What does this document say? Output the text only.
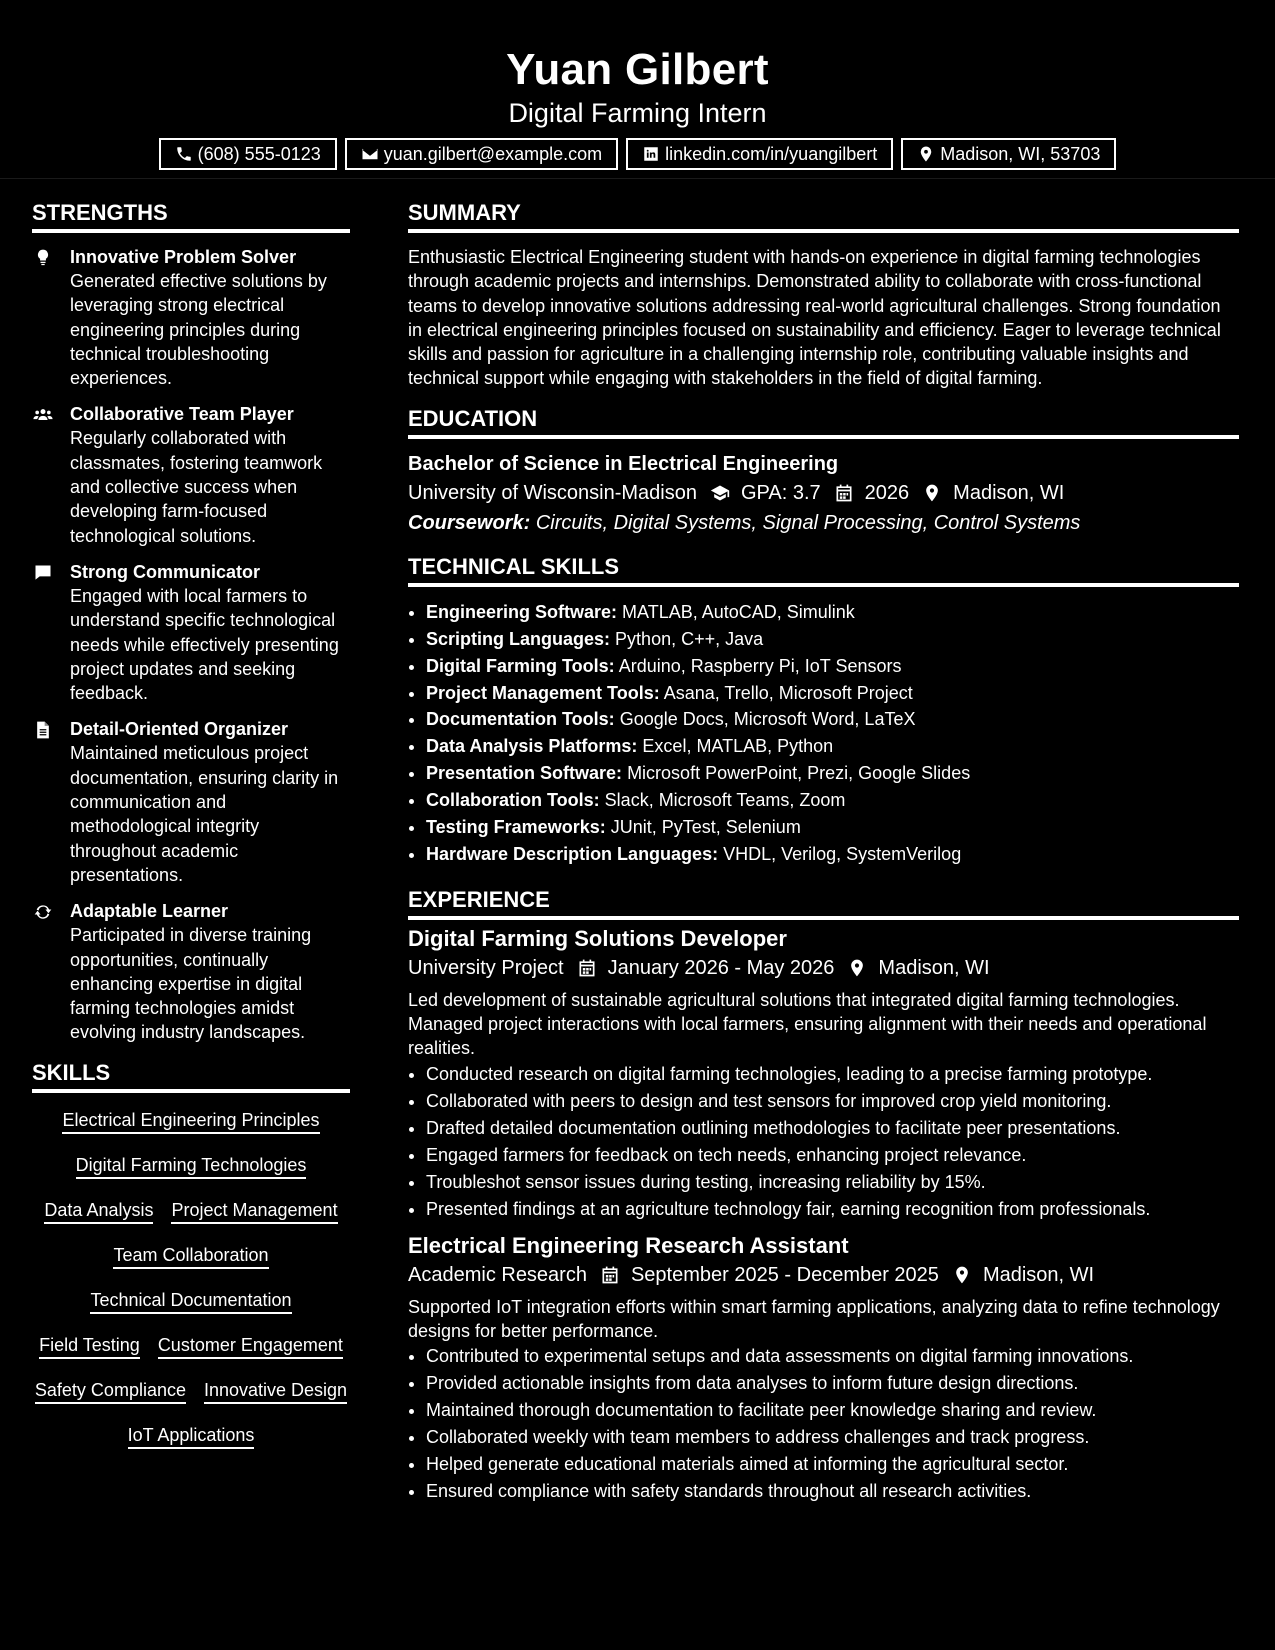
Yuan Gilbert
Digital Farming Intern
(608) 555-0123	yuan.gilbert@example.com	linkedin.com/in/yuangilbert	Madison, WI, 53703
STRENGTHS
Innovative Problem Solver
Generated effective solutions by leveraging strong electrical engineering principles during technical troubleshooting experiences.
Collaborative Team Player
Regularly collaborated with classmates, fostering teamwork and collective success when developing farm-focused technological solutions.
Strong Communicator
Engaged with local farmers to understand specific technological needs while effectively presenting project updates and seeking feedback.
Detail-Oriented Organizer
Maintained meticulous project documentation, ensuring clarity in communication and methodological integrity throughout academic presentations.
Adaptable Learner
Participated in diverse training opportunities, continually enhancing expertise in digital farming technologies amidst evolving industry landscapes.
SKILLS
Electrical Engineering Principles
Digital Farming Technologies
Data Analysis Project Management
Team Collaboration
Technical Documentation
Field Testing Customer Engagement
Safety Compliance Innovative Design
IoT Applications
SUMMARY
Enthusiastic Electrical Engineering student with hands-on experience in digital farming technologies through academic projects and internships. Demonstrated ability to collaborate with cross-functional teams to develop innovative solutions addressing real-world agricultural challenges. Strong foundation in electrical engineering principles focused on sustainability and efficiency. Eager to leverage technical skills and passion for agriculture in a challenging internship role, contributing valuable insights and technical support while engaging with stakeholders in the field of digital farming.
EDUCATION
Bachelor of Science in Electrical Engineering
University of Wisconsin-Madison GPA: 3.7 2026 Madison, WI
Coursework: Circuits, Digital Systems, Signal Processing, Control Systems
TECHNICAL SKILLS
• Engineering Software: MATLAB, AutoCAD, Simulink
• Scripting Languages: Python, C++, Java
• Digital Farming Tools: Arduino, Raspberry Pi, IoT Sensors
• Project Management Tools: Asana, Trello, Microsoft Project
• Documentation Tools: Google Docs, Microsoft Word, LaTeX
• Data Analysis Platforms: Excel, MATLAB, Python
• Presentation Software: Microsoft PowerPoint, Prezi, Google Slides
• Collaboration Tools: Slack, Microsoft Teams, Zoom
• Testing Frameworks: JUnit, PyTest, Selenium
• Hardware Description Languages: VHDL, Verilog, SystemVerilog
EXPERIENCE
Digital Farming Solutions Developer
University Project January 2026 - May 2026 Madison, WI
Led development of sustainable agricultural solutions that integrated digital farming technologies. Managed project interactions with local farmers, ensuring alignment with their needs and operational realities.
• Conducted research on digital farming technologies, leading to a precise farming prototype.
• Collaborated with peers to design and test sensors for improved crop yield monitoring.
• Drafted detailed documentation outlining methodologies to facilitate peer presentations.
• Engaged farmers for feedback on tech needs, enhancing project relevance.
• Troubleshot sensor issues during testing, increasing reliability by 15%.
• Presented findings at an agriculture technology fair, earning recognition from professionals.
Electrical Engineering Research Assistant
Academic Research September 2025 - December 2025 Madison, WI
Supported IoT integration efforts within smart farming applications, analyzing data to refine technology designs for better performance.
• Contributed to experimental setups and data assessments on digital farming innovations.
• Provided actionable insights from data analyses to inform future design directions.
• Maintained thorough documentation to facilitate peer knowledge sharing and review.
• Collaborated weekly with team members to address challenges and track progress.
• Helped generate educational materials aimed at informing the agricultural sector.
• Ensured compliance with safety standards throughout all research activities.
